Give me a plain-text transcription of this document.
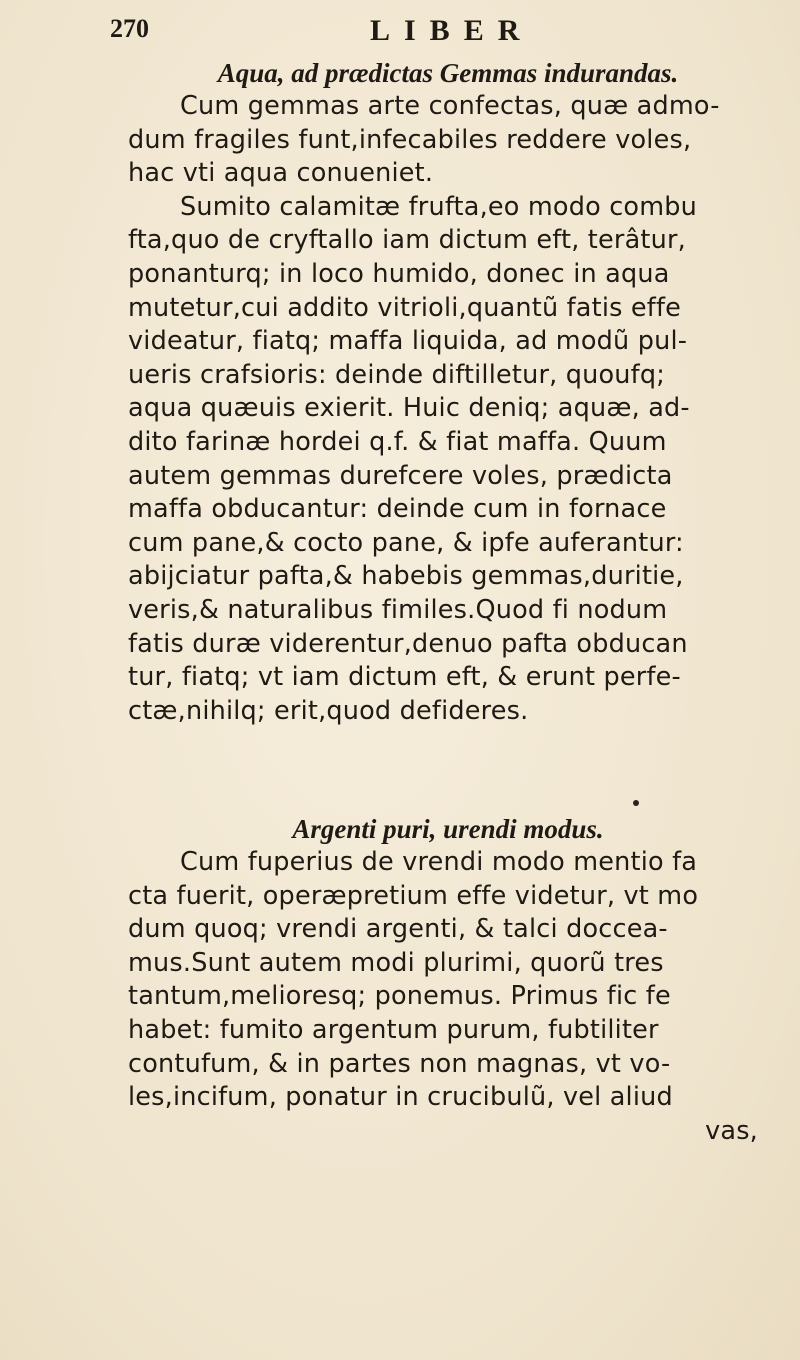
270	LIBER

Aqua, ad prædictas Gemmas indurandas.

Cum gemmas arte confectas, quæ admo-

dum fragiles funt,infecabiles reddere voles,

hac vti aqua conueniet.

Sumito calamitæ frufta,eo modo combu

fta,quo de cryftallo iam dictum eft, terâtur,

ponanturq; in loco humido, donec in aqua

mutetur,cui addito vitrioli,quantũ fatis effe

videatur, fiatq; maffa liquida, ad modũ pul-

ueris crafsioris: deinde diftilletur, quoufq;

aqua quæuis exierit. Huic deniq; aquæ, ad-

dito farinæ hordei q.f. & fiat maffa. Quum

autem gemmas durefcere voles, prædicta

maffa obducantur: deinde cum in fornace

cum pane,& cocto pane, & ipfe auferantur:

abijciatur pafta,& habebis gemmas,duritie,

veris,& naturalibus fimiles.Quod fi nodum

fatis duræ viderentur,denuo pafta obducan

tur, fiatq; vt iam dictum eft, & erunt perfe-

ctæ,nihilq; erit,quod defideres.

Argenti puri, urendi modus.

Cum fuperius de vrendi modo mentio fa

cta fuerit, operæpretium effe videtur, vt mo

dum quoq; vrendi argenti, & talci doccea-

mus.Sunt autem modi plurimi, quorũ tres

tantum,melioresq; ponemus. Primus fic fe

habet: fumito argentum purum, fubtiliter

contufum, & in partes non magnas, vt vo-

les,incifum, ponatur in crucibulũ, vel aliud

vas,
